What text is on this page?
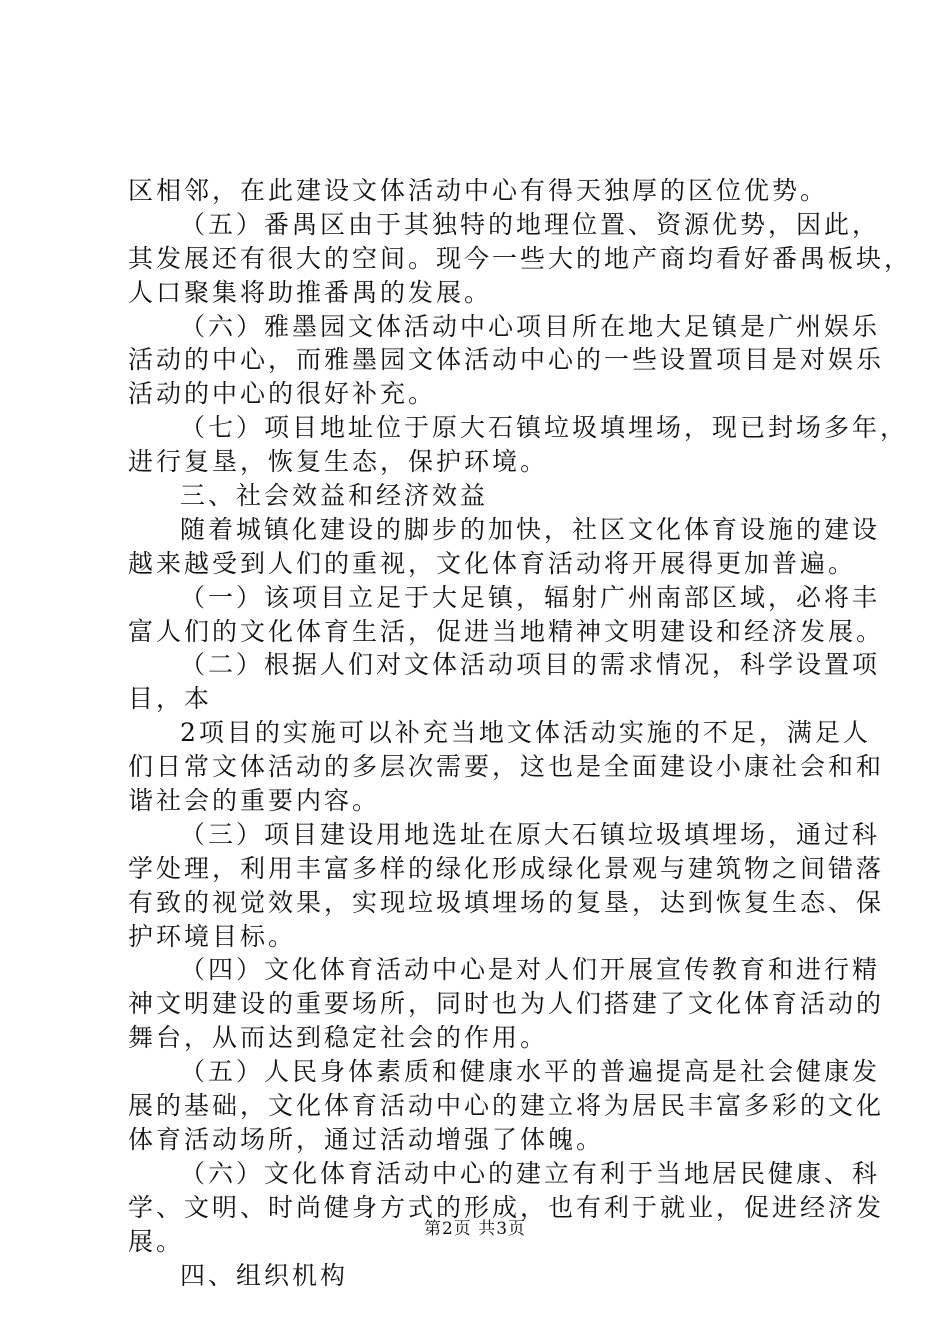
区相邻，在此建设文体活动中心有得天独厚的区位优势。
（五）番禺区由于其独特的地理位置、资源优势，因此，
其发展还有很大的空间。现今一些大的地产商均看好番禺板块，
人口聚集将助推番禺的发展。
（六）雅墨园文体活动中心项目所在地大足镇是广州娱乐
活动的中心，而雅墨园文体活动中心的一些设置项目是对娱乐
活动的中心的很好补充。
（七）项目地址位于原大石镇垃圾填埋场，现已封场多年，
进行复垦，恢复生态，保护环境。
三、社会效益和经济效益
随着城镇化建设的脚步的加快，社区文化体育设施的建设
越来越受到人们的重视，文化体育活动将开展得更加普遍。
（一）该项目立足于大足镇，辐射广州南部区域，必将丰
富人们的文化体育生活，促进当地精神文明建设和经济发展。
（二）根据人们对文体活动项目的需求情况，科学设置项
目，本
2项目的实施可以补充当地文体活动实施的不足，满足人
们日常文体活动的多层次需要，这也是全面建设小康社会和和
谐社会的重要内容。
（三）项目建设用地选址在原大石镇垃圾填埋场，通过科
学处理，利用丰富多样的绿化形成绿化景观与建筑物之间错落
有致的视觉效果，实现垃圾填埋场的复垦，达到恢复生态、保
护环境目标。
（四）文化体育活动中心是对人们开展宣传教育和进行精
神文明建设的重要场所，同时也为人们搭建了文化体育活动的
舞台，从而达到稳定社会的作用。
（五）人民身体素质和健康水平的普遍提高是社会健康发
展的基础，文化体育活动中心的建立将为居民丰富多彩的文化
体育活动场所，通过活动增强了体魄。
（六）文化体育活动中心的建立有利于当地居民健康、科
学、文明、时尚健身方式的形成，也有利于就业，促进经济发
展。
四、组织机构
第2页 共3页
